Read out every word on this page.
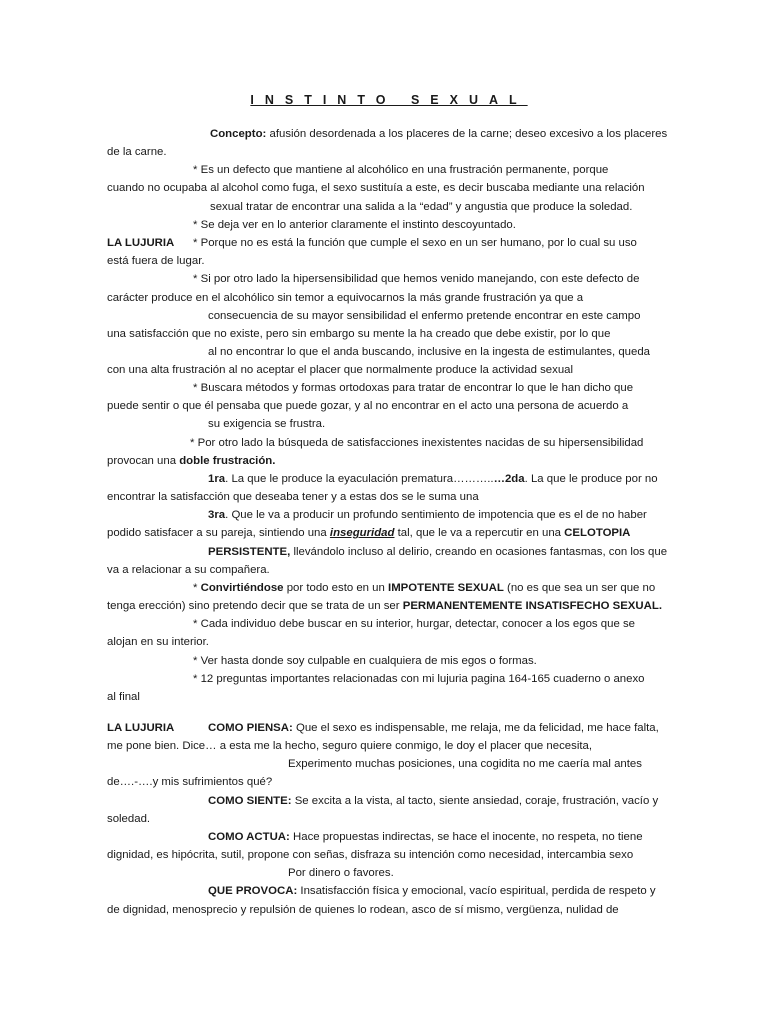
INSTINTO SEXUAL
Concepto: afusión desordenada a los placeres de la carne; deseo excesivo a los placeres
de la carne.
* Es un defecto que mantiene al alcohólico en una frustración permanente, porque
cuando no ocupaba al alcohol como fuga, el sexo sustituía a este, es decir buscaba mediante una relación
sexual tratar de encontrar una salida a la “edad” y angustia que produce la soledad.
* Se deja ver en lo anterior claramente el instinto descoyuntado.
LA LUJURIA * Porque no es está la función que cumple el sexo en un ser humano, por lo cual su uso
está fuera de lugar.
* Si por otro lado la hipersensibilidad que hemos venido manejando, con este defecto de
carácter produce en el alcohólico sin temor a equivocarnos la más grande frustración ya que a
consecuencia de su mayor sensibilidad el enfermo pretende encontrar en este campo
una satisfacción que no existe, pero sin embargo su mente la ha creado que debe existir, por lo que
al no encontrar lo que el anda buscando, inclusive en la ingesta de estimulantes, queda
con una alta frustración al no aceptar el placer que normalmente produce la actividad sexual
* Buscara métodos y formas ortodoxas para tratar de encontrar lo que le han dicho que
puede sentir o que él pensaba que puede gozar, y al no encontrar en el acto una persona de acuerdo a
su exigencia se frustra.
* Por otro lado la búsqueda de satisfacciones inexistentes nacidas de su hipersensibilidad
provocan una doble frustración.
1ra. La que le produce la eyaculación prematura………..…2da. La que le produce por no
encontrar la satisfacción que deseaba tener y a estas dos se le suma una
3ra. Que le va a producir un profundo sentimiento de impotencia que es el de no haber
podido satisfacer a su pareja, sintiendo una inseguridad tal, que le va a repercutir en una CELOTOPIA
PERSISTENTE, llevándolo incluso al delirio, creando en ocasiones fantasmas, con los que
va a relacionar a su compañera.
* Convirtiéndose por todo esto en un IMPOTENTE SEXUAL (no es que sea un ser que no
tenga erección) sino pretendo decir que se trata de un ser PERMANENTEMENTE INSATISFECHO SEXUAL.
* Cada individuo debe buscar en su interior, hurgar, detectar, conocer a los egos que se
alojan en su interior.
* Ver hasta donde soy culpable en cualquiera de mis egos o formas.
* 12 preguntas importantes relacionadas con mi lujuria pagina 164-165 cuaderno o anexo
al final
LA LUJURIA	COMO PIENSA: Que el sexo es indispensable, me relaja, me da felicidad, me hace falta,
me pone bien. Dice… a esta me la hecho, seguro quiere conmigo, le doy el placer que necesita,
Experimento muchas posiciones, una cogidita no me caería mal antes
de….-….y mis sufrimientos qué?
COMO SIENTE: Se excita a la vista, al tacto, siente ansiedad, coraje, frustración, vacío y
soledad.
COMO ACTUA: Hace propuestas indirectas, se hace el inocente, no respeta, no tiene
dignidad, es hipócrita, sutil, propone con señas, disfraza su intención como necesidad, intercambia sexo
Por dinero o favores.
QUE PROVOCA: Insatisfacción física y emocional, vacío espiritual, perdida de respeto y
de dignidad, menosprecio y repulsión de quienes lo rodean, asco de sí mismo, vergüenza, nulidad de
